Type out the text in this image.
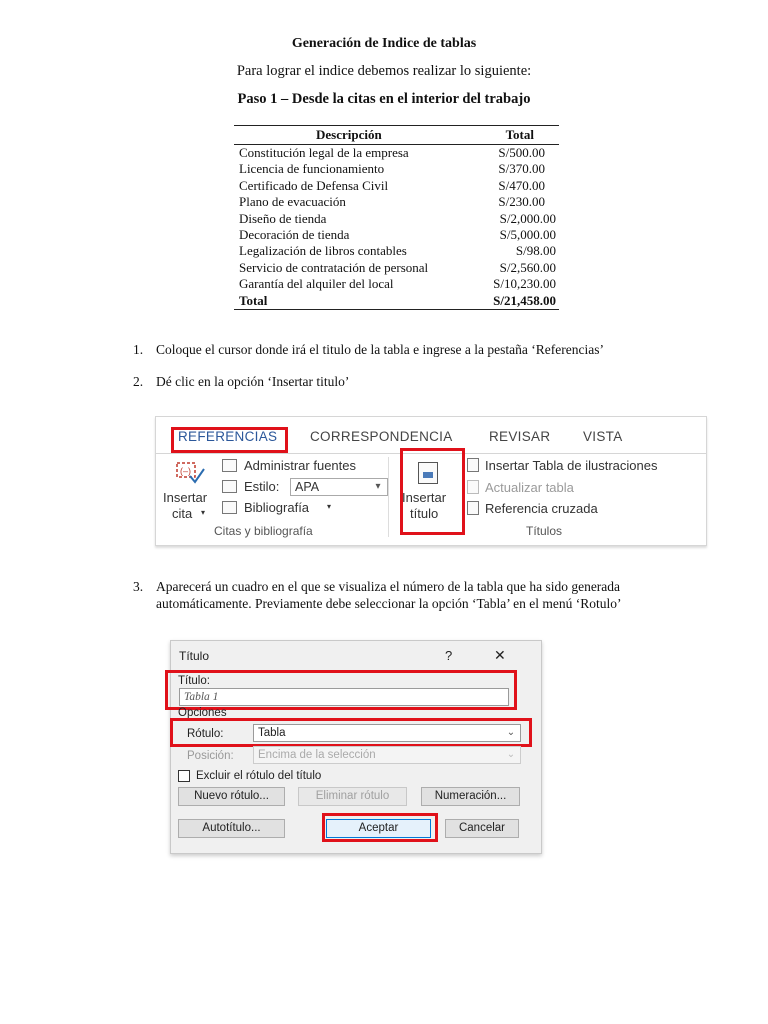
Generación de Indice de tablas
Para lograr el indice debemos realizar lo siguiente:
Paso 1 – Desde la citas en el interior del trabajo
Descripción	Total
Constitución legal de la empresa	S/500.00
Licencia de funcionamiento	S/370.00
Certificado de Defensa Civil	S/470.00
Plano de evacuación	S/230.00
Diseño de tienda	S/2,000.00
Decoración de tienda	S/5,000.00
Legalización de libros contables	S/98.00
Servicio de contratación de personal	S/2,560.00
Garantía del alquiler del local	S/10,230.00
Total	S/21,458.00
1. Coloque el cursor donde irá el titulo de la tabla e ingrese a la pestaña ‘Referencias’
2. Dé clic en la opción ‘Insertar titulo’
REFERENCIAS CORRESPONDENCIA	REVISAR VISTA
(–)
Insertar
cita ▾
Administrar fuentes
Estilo:	APA	▾
Bibliografía ▾
Citas y bibliografía
Insertar
título
Insertar Tabla de ilustraciones
Actualizar tabla
Referencia cruzada
Títulos
3. Aparecerá un cuadro en el que se visualiza el número de la tabla que ha sido generada automáticamente. Previamente debe seleccionar la opción ‘Tabla’ en el menú ‘Rotulo’
Título	?	✕
Título:
Tabla 1
Opciones
Rótulo:	Tabla	⌄
Posición:	Encima de la selección	⌄
Excluir el rótulo del título
Nuevo rótulo...	Eliminar rótulo	Numeración...
Autotítulo...	Aceptar	Cancelar
